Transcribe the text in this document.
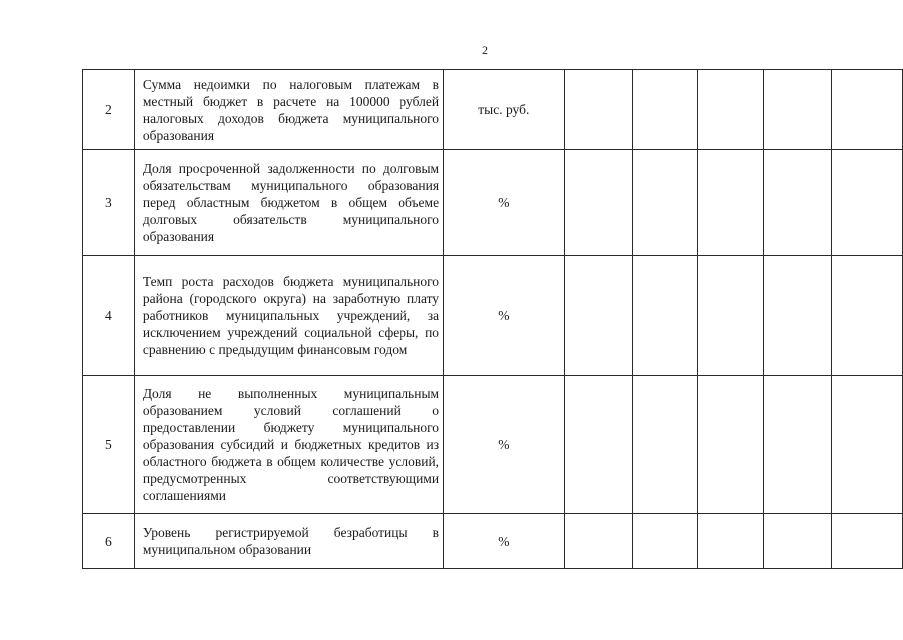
2
2	Сумма недоимки по налоговым платежам в местный бюджет в расчете на 100000 рублей налоговых доходов бюджета муниципального образования	тыс. руб.					
3	Доля просроченной задолженности по долговым обязательствам муниципального образования перед областным бюджетом в общем объеме долговых обязательств муниципального образования	%					
4	Темп роста расходов бюджета муниципального района (городского округа) на заработную плату работников муниципальных учреждений, за исключением учреждений социальной сферы, по сравнению с предыдущим финансовым годом	%					
5	Доля не выполненных муниципальным образованием условий соглашений о предоставлении бюджету муниципального образования субсидий и бюджетных кредитов из областного бюджета в общем количестве условий, предусмотренных соответствующими соглашениями	%					
6	Уровень регистрируемой безработицы в муниципальном образовании	%					
